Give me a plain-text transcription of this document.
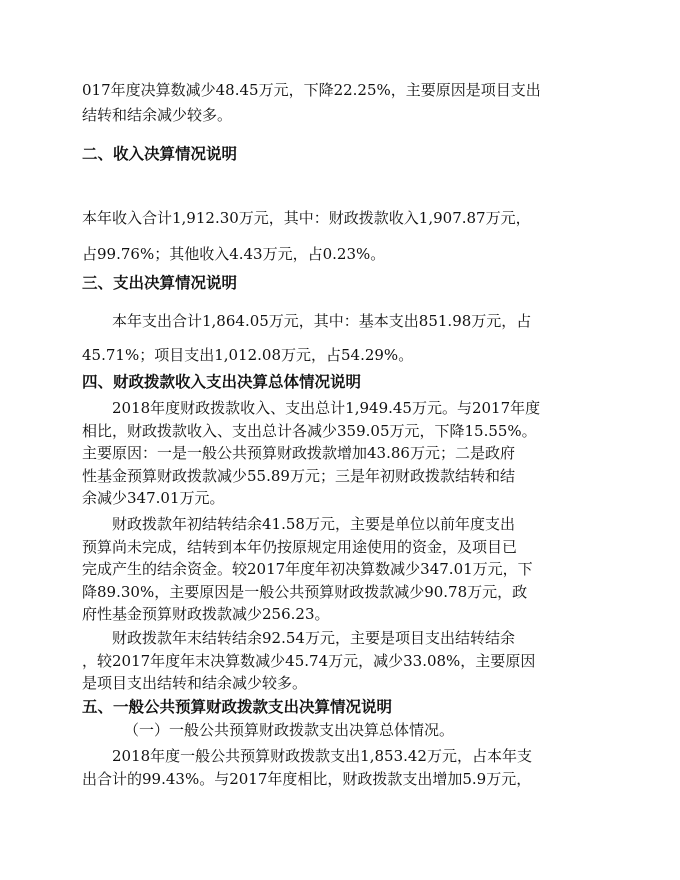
017年度决算数减少48.45万元，下降22.25%，主要原因是项目支出
结转和结余减少较多。
二、收入决算情况说明
本年收入合计1,912.30万元，其中：财政拨款收入1,907.87万元，
占99.76%；其他收入4.43万元，占0.23%。
三、支出决算情况说明
本年支出合计1,864.05万元，其中：基本支出851.98万元，占
45.71%；项目支出1,012.08万元，占54.29%。
四、财政拨款收入支出决算总体情况说明
2018年度财政拨款收入、支出总计1,949.45万元。与2017年度
相比，财政拨款收入、支出总计各减少359.05万元，下降15.55%。
主要原因：一是一般公共预算财政拨款增加43.86万元；二是政府
性基金预算财政拨款减少55.89万元；三是年初财政拨款结转和结
余减少347.01万元。
财政拨款年初结转结余41.58万元，主要是单位以前年度支出
预算尚未完成，结转到本年仍按原规定用途使用的资金，及项目已
完成产生的结余资金。较2017年度年初决算数减少347.01万元，下
降89.30%，主要原因是一般公共预算财政拨款减少90.78万元，政
府性基金预算财政拨款减少256.23。
财政拨款年末结转结余92.54万元，主要是项目支出结转结余
，较2017年度年末决算数减少45.74万元，减少33.08%，主要原因
是项目支出结转和结余减少较多。
五、一般公共预算财政拨款支出决算情况说明
（一）一般公共预算财政拨款支出决算总体情况。
2018年度一般公共预算财政拨款支出1,853.42万元，占本年支
出合计的99.43%。与2017年度相比，财政拨款支出增加5.9万元，
